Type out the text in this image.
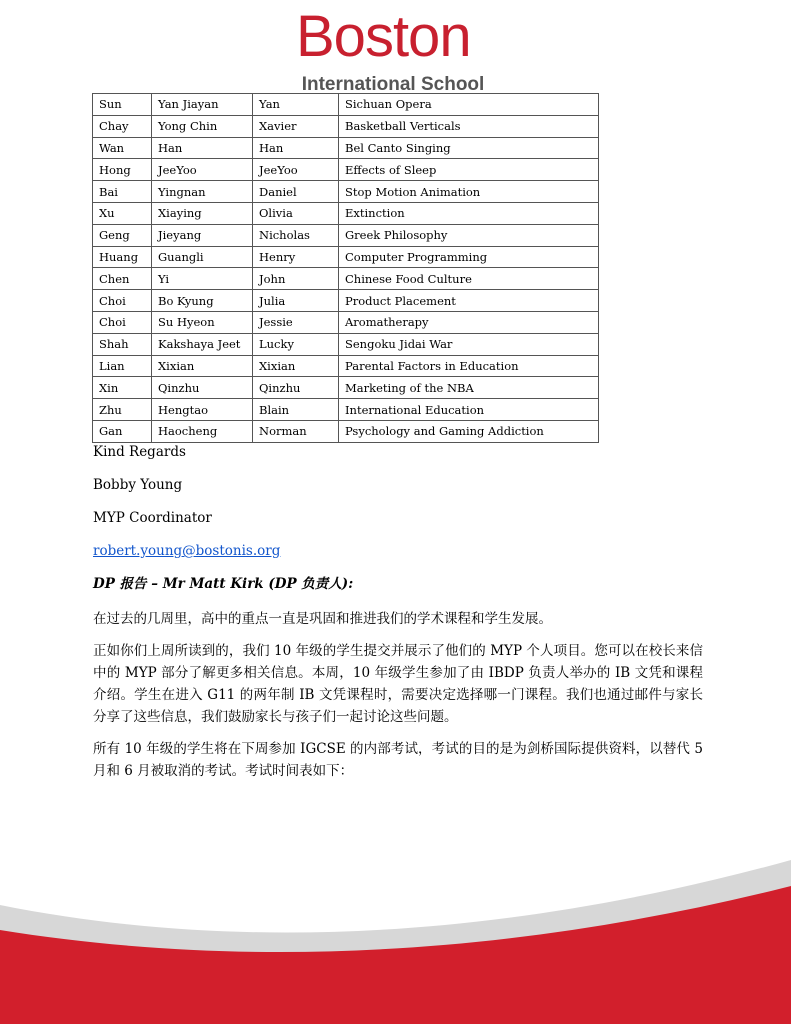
Boston
International School
Sun	Yan Jiayan	Yan	Sichuan Opera
Chay	Yong Chin	Xavier	Basketball Verticals
Wan	Han	Han	Bel Canto Singing
Hong	JeeYoo	JeeYoo	Effects of Sleep
Bai	Yingnan	Daniel	Stop Motion Animation
Xu	Xiaying	Olivia	Extinction
Geng	Jieyang	Nicholas	Greek Philosophy
Huang	Guangli	Henry	Computer Programming
Chen	Yi	John	Chinese Food Culture
Choi	Bo Kyung	Julia	Product Placement
Choi	Su Hyeon	Jessie	Aromatherapy
Shah	Kakshaya Jeet	Lucky	Sengoku Jidai War
Lian	Xixian	Xixian	Parental Factors in Education
Xin	Qinzhu	Qinzhu	Marketing of the NBA
Zhu	Hengtao	Blain	International Education
Gan	Haocheng	Norman	Psychology and Gaming Addiction

Kind Regards

Bobby Young

MYP Coordinator

robert.young@bostonis.org

DP 报告 – Mr Matt Kirk (DP 负责人):

在过去的几周里，高中的重点一直是巩固和推进我们的学术课程和学生发展。

正如你们上周所读到的，我们 10 年级的学生提交并展示了他们的 MYP 个人项目。您可以在校长来信中的 MYP 部分了解更多相关信息。本周，10 年级学生参加了由 IBDP 负责人举办的 IB 文凭和课程介绍。学生在进入 G11 的两年制 IB 文凭课程时，需要决定选择哪一门课程。我们也通过邮件与家长分享了这些信息，我们鼓励家长与孩子们一起讨论这些问题。

所有 10 年级的学生将在下周参加 IGCSE 的内部考试，考试的目的是为剑桥国际提供资料，以替代 5 月和 6 月被取消的考试。考试时间表如下：
